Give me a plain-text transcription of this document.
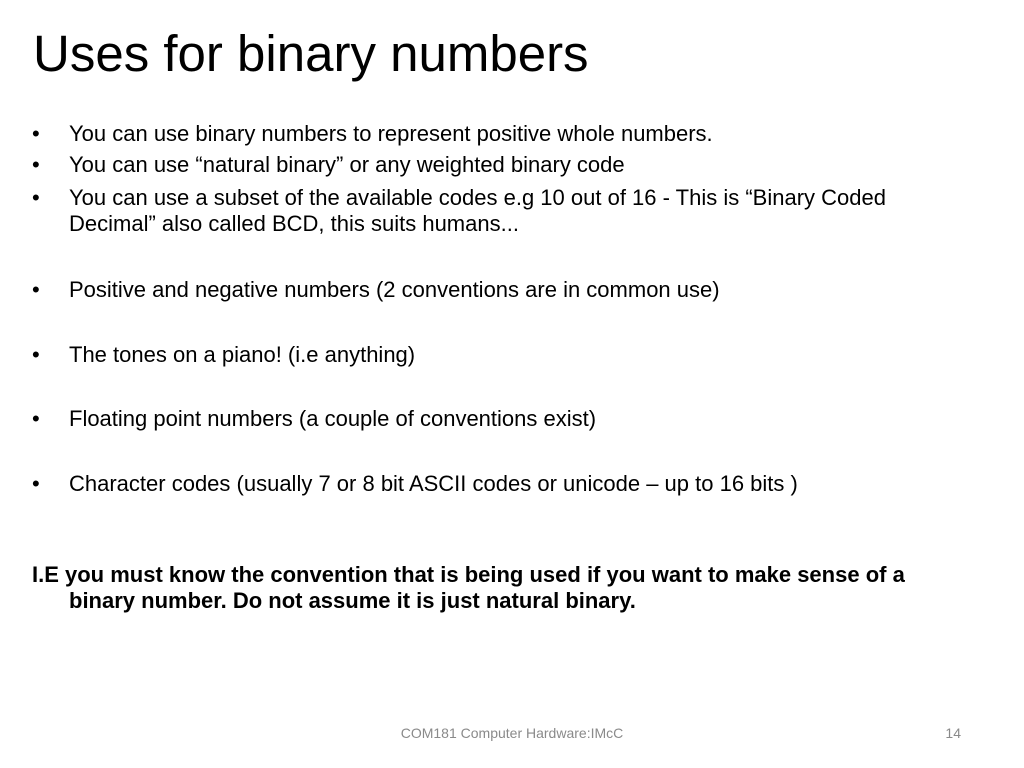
Uses for binary numbers
•	You can use binary numbers to represent positive whole numbers.
•	You can use “natural binary” or any weighted binary code
•	You can use a subset of the available codes e.g 10 out of 16 - This is “Binary Coded Decimal” also called BCD, this suits humans...
•	Positive and negative numbers (2 conventions are in common use)
•	The tones on a piano! (i.e anything)
•	Floating point numbers (a couple of conventions exist)
•	Character codes (usually 7 or 8 bit ASCII codes or unicode – up to 16 bits )

I.E you must know the convention that is being used if you want to make sense of a binary number. Do not assume it is just natural binary.

COM181 Computer Hardware:IMcC	14
